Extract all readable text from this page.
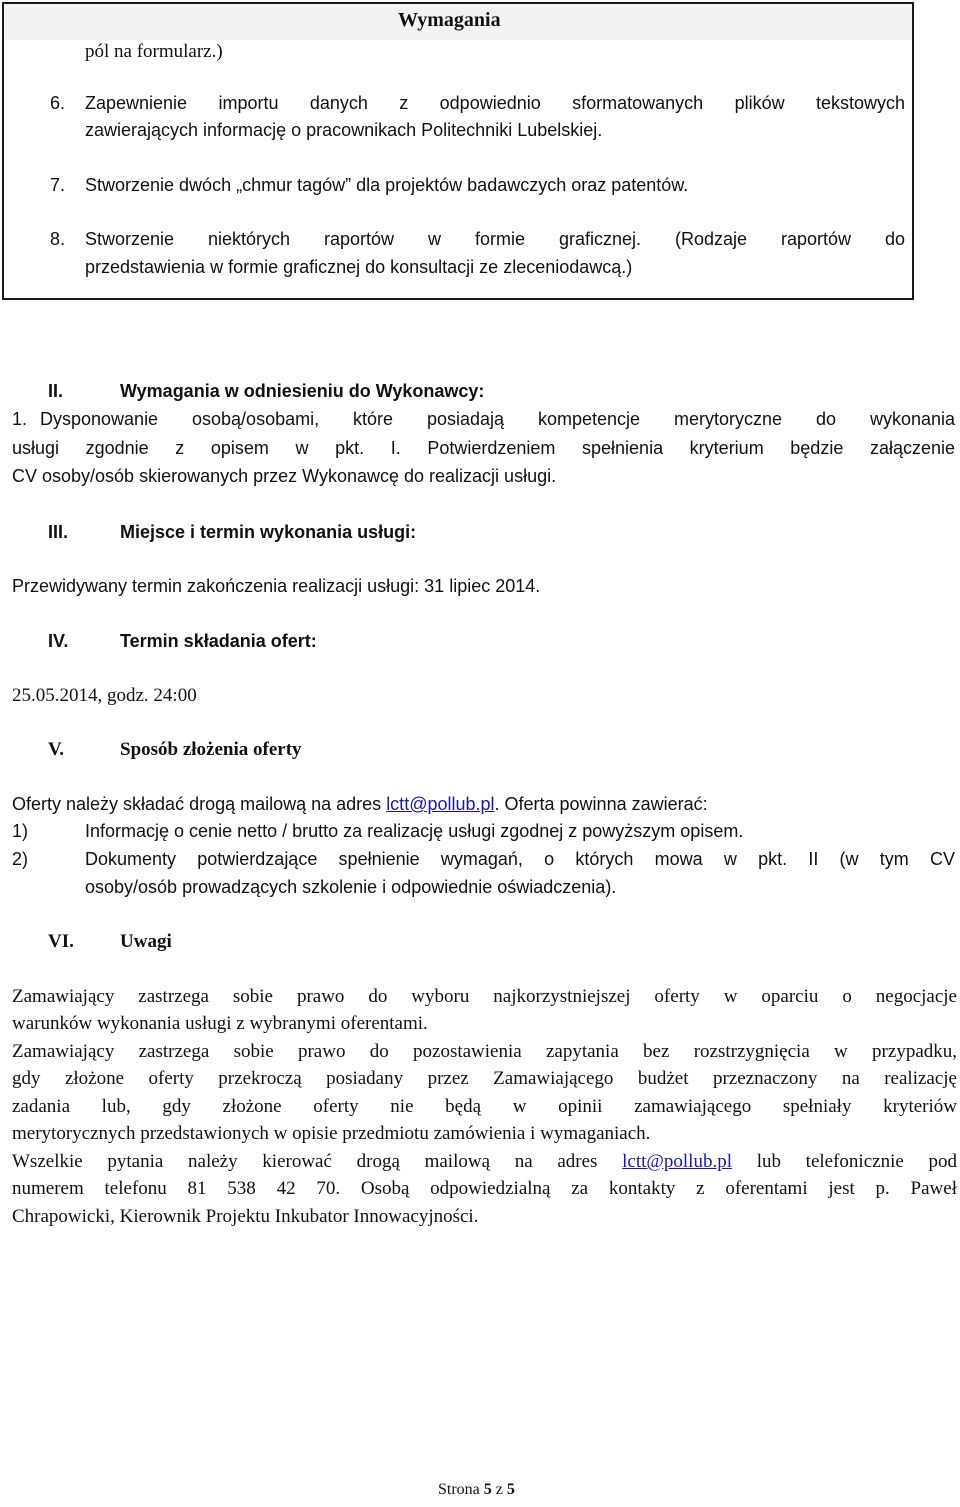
Wymagania
pól na formularz.)
6. Zapewnienie importu danych z odpowiednio sformatowanych plików tekstowych
zawierających informację o pracownikach Politechniki Lubelskiej.
7. Stworzenie dwóch „chmur tagów” dla projektów badawczych oraz patentów.
8. Stworzenie niektórych raportów w formie graficznej. (Rodzaje raportów do
przedstawienia w formie graficznej do konsultacji ze zleceniodawcą.)
II.	Wymagania w odniesieniu do Wykonawcy:
1. Dysponowanie osobą/osobami, które posiadają kompetencje merytoryczne do wykonania
usługi zgodnie z opisem w pkt. I. Potwierdzeniem spełnienia kryterium będzie załączenie
CV osoby/osób skierowanych przez Wykonawcę do realizacji usługi.
III.	Miejsce i termin wykonania usługi:
Przewidywany termin zakończenia realizacji usługi: 31 lipiec 2014.
IV.	Termin składania ofert:
25.05.2014, godz. 24:00
V.	Sposób złożenia oferty
Oferty należy składać drogą mailową na adres lctt@pollub.pl. Oferta powinna zawierać:
1)	Informację o cenie netto / brutto za realizację usługi zgodnej z powyższym opisem.
2)	Dokumenty potwierdzające spełnienie wymagań, o których mowa w pkt. II (w tym CV
osoby/osób prowadzących szkolenie i odpowiednie oświadczenia).
VI. Uwagi
Zamawiający zastrzega sobie prawo do wyboru najkorzystniejszej oferty w oparciu o negocjacje
warunków wykonania usługi z wybranymi oferentami.
Zamawiający zastrzega sobie prawo do pozostawienia zapytania bez rozstrzygnięcia w przypadku,
gdy złożone oferty przekroczą posiadany przez Zamawiającego budżet przeznaczony na realizację
zadania lub, gdy złożone oferty nie będą w opinii zamawiającego spełniały kryteriów
merytorycznych przedstawionych w opisie przedmiotu zamówienia i wymaganiach.
Wszelkie pytania należy kierować drogą mailową na adres lctt@pollub.pl lub telefonicznie pod
numerem telefonu 81 538 42 70. Osobą odpowiedzialną za kontakty z oferentami jest p. Paweł
Chrapowicki, Kierownik Projektu Inkubator Innowacyjności.
Strona 5 z 5
